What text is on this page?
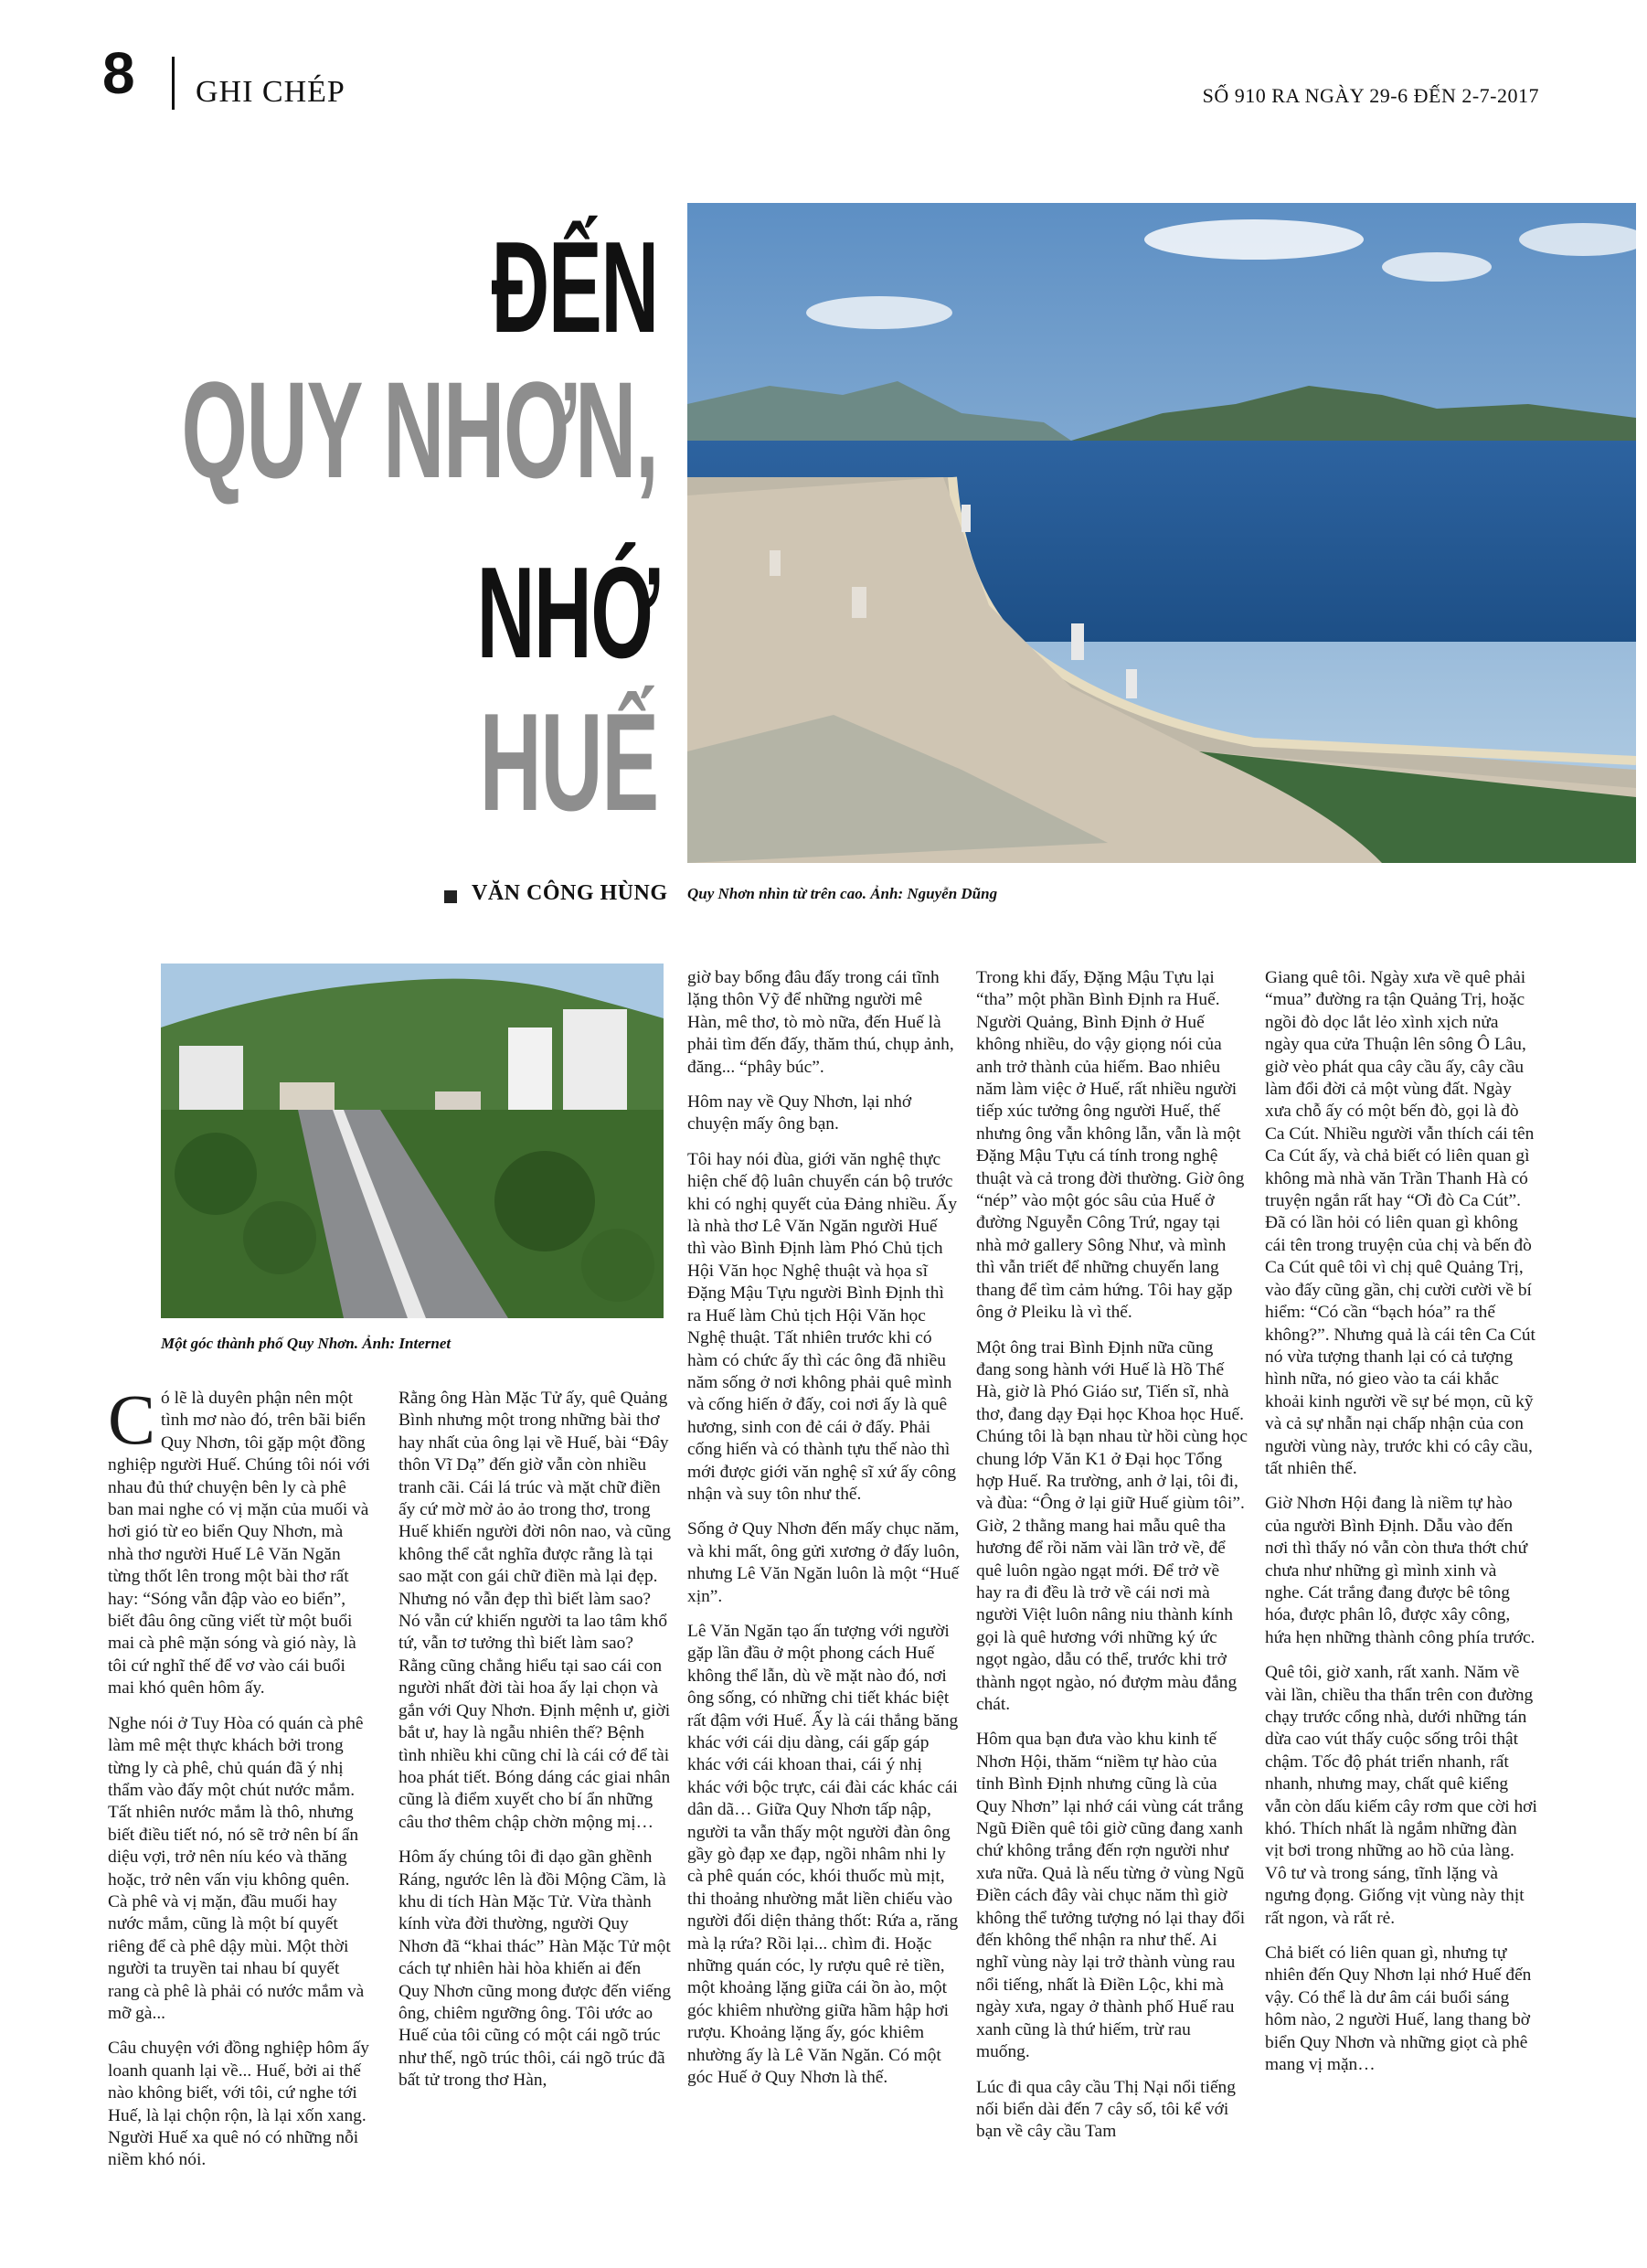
8 GHI CHÉP	SỐ 910 RA NGÀY 29-6 ĐẾN 2-7-2017
ĐẾN
QUY NHƠN,
NHỚ
HUẾ
VĂN CÔNG HÙNG Quy Nhơn nhìn từ trên cao. Ảnh: Nguyễn Dũng
Một góc thành phố Quy Nhơn. Ảnh: Internet

Có lẽ là duyên phận nên một tình mơ nào đó, trên bãi biển Quy Nhơn, tôi gặp một đồng nghiệp người Huế. Chúng tôi nói với nhau đủ thứ chuyện bên ly cà phê ban mai nghe có vị mặn của muối và hơi gió từ eo biển Quy Nhơn, mà nhà thơ người Huế Lê Văn Ngăn từng thốt lên trong một bài thơ rất hay: “Sóng vẫn đập vào eo biển”, biết đâu ông cũng viết từ một buổi mai cà phê mặn sóng và gió này, là tôi cứ nghĩ thế để vơ vào cái buổi mai khó quên hôm ấy.

Nghe nói ở Tuy Hòa có quán cà phê làm mê mệt thực khách bởi trong từng ly cà phê, chủ quán đã ý nhị thẩm vào đấy một chút nước mắm. Tất nhiên nước mắm là thô, nhưng biết điều tiết nó, nó sẽ trở nên bí ẩn diệu vợi, trở nên níu kéo và thăng hoặc, trở nên vấn vịu không quên. Cà phê và vị mặn, đầu muối hay nước mắm, cũng là một bí quyết riêng để cà phê dậy mùi. Một thời người ta truyền tai nhau bí quyết rang cà phê là phải có nước mắm và mỡ gà...

Câu chuyện với đồng nghiệp hôm ấy loanh quanh lại về... Huế, bởi ai thế nào không biết, với tôi, cứ nghe tới Huế, là lại chộn rộn, là lại xốn xang. Người Huế xa quê nó có những nỗi niềm khó nói.

Rằng ông Hàn Mặc Tử ấy, quê Quảng Bình nhưng một trong những bài thơ hay nhất của ông lại về Huế, bài “Đây thôn Vĩ Dạ” đến giờ vẫn còn nhiều tranh cãi. Cái lá trúc và mặt chữ điền ấy cứ mờ mờ ảo ảo trong thơ, trong Huế khiến người đời nôn nao, và cũng không thể cắt nghĩa được rằng là tại sao mặt con gái chữ điền mà lại đẹp. Nhưng nó vẫn đẹp thì biết làm sao? Nó vẫn cứ khiến người ta lao tâm khổ tứ, vẫn tơ tưởng thì biết làm sao? Rằng cũng chẳng hiểu tại sao cái con người nhất đời tài hoa ấy lại chọn và gắn với Quy Nhơn. Định mệnh ư, giời bắt ư, hay là ngẫu nhiên thế? Bệnh tình nhiều khi cũng chỉ là cái cớ để tài hoa phát tiết. Bóng dáng các giai nhân cũng là điểm xuyết cho bí ẩn những câu thơ thêm chập chờn mộng mị…

Hôm ấy chúng tôi đi dạo gần ghềnh Ráng, ngước lên là đồi Mộng Cầm, là khu di tích Hàn Mặc Tử. Vừa thành kính vừa đời thường, người Quy Nhơn đã “khai thác” Hàn Mặc Tử một cách tự nhiên hài hòa khiến ai đến Quy Nhơn cũng mong được đến viếng ông, chiêm ngưỡng ông. Tôi ước ao Huế của tôi cũng có một cái ngõ trúc như thế, ngõ trúc thôi, cái ngõ trúc đã bất tử trong thơ Hàn,

giờ bay bổng đâu đấy trong cái tĩnh lặng thôn Vỹ để những người mê Hàn, mê thơ, tò mò nữa, đến Huế là phải tìm đến đấy, thăm thú, chụp ảnh, đăng... “phây búc”.

Hôm nay về Quy Nhơn, lại nhớ chuyện mấy ông bạn.

Tôi hay nói đùa, giới văn nghệ thực hiện chế độ luân chuyển cán bộ trước khi có nghị quyết của Đảng nhiều. Ấy là nhà thơ Lê Văn Ngăn người Huế thì vào Bình Định làm Phó Chủ tịch Hội Văn học Nghệ thuật và họa sĩ Đặng Mậu Tựu người Bình Định thì ra Huế làm Chủ tịch Hội Văn học Nghệ thuật. Tất nhiên trước khi có hàm có chức ấy thì các ông đã nhiều năm sống ở nơi không phải quê mình và cống hiến ở đấy, coi nơi ấy là quê hương, sinh con đẻ cái ở đấy. Phải cống hiến và có thành tựu thế nào thì mới được giới văn nghệ sĩ xứ ấy công nhận và suy tôn như thế.

Sống ở Quy Nhơn đến mấy chục năm, và khi mất, ông gửi xương ở đấy luôn, nhưng Lê Văn Ngăn luôn là một “Huế xịn”.

Lê Văn Ngăn tạo ấn tượng với người gặp lần đầu ở một phong cách Huế không thể lẫn, dù về mặt nào đó, nơi ông sống, có những chi tiết khác biệt rất đậm với Huế. Ấy là cái thắng băng khác với cái dịu dàng, cái gấp gáp khác với cái khoan thai, cái ý nhị khác với bộc trực, cái đài các khác cái dân dã… Giữa Quy Nhơn tấp nập, người ta vẫn thấy một người đàn ông gầy gò đạp xe đạp, ngồi nhâm nhi ly cà phê quán cóc, khói thuốc mù mịt, thi thoảng nhường mắt liền chiếu vào người đối diện thảng thốt: Rứa a, răng mà lạ rứa? Rồi lại... chìm đi. Hoặc những quán cóc, ly rượu quê rẻ tiền, một khoảng lặng giữa cái ồn ào, một góc khiêm nhường giữa hầm hập hơi rượu. Khoảng lặng ấy, góc khiêm nhường ấy là Lê Văn Ngăn. Có một góc Huế ở Quy Nhơn là thế.

Trong khi đấy, Đặng Mậu Tựu lại “tha” một phần Bình Định ra Huế. Người Quảng, Bình Định ở Huế không nhiều, do vậy giọng nói của anh trở thành của hiếm. Bao nhiêu năm làm việc ở Huế, rất nhiều người tiếp xúc tưởng ông người Huế, thế nhưng ông vẫn không lẫn, vẫn là một Đặng Mậu Tựu cá tính trong nghệ thuật và cả trong đời thường. Giờ ông “nép” vào một góc sâu của Huế ở đường Nguyễn Công Trứ, ngay tại nhà mở gallery Sông Như, và mình thì vẫn triết để những chuyến lang thang để tìm cảm hứng. Tôi hay gặp ông ở Pleiku là vì thế.

Một ông trai Bình Định nữa cũng đang song hành với Huế là Hồ Thế Hà, giờ là Phó Giáo sư, Tiến sĩ, nhà thơ, đang dạy Đại học Khoa học Huế. Chúng tôi là bạn nhau từ hồi cùng học chung lớp Văn K1 ở Đại học Tổng hợp Huế. Ra trường, anh ở lại, tôi đi, và đùa: “Ông ở lại giữ Huế giùm tôi”. Giờ, 2 thằng mang hai mẫu quê tha hương để rồi năm vài lần trở về, để quê luôn ngào ngạt mới. Để trở về hay ra đi đều là trở về cái nơi mà người Việt luôn nâng niu thành kính gọi là quê hương với những ký ức ngọt ngào, dẫu có thể, trước khi trở thành ngọt ngào, nó đượm màu đắng chát.

Hôm qua bạn đưa vào khu kinh tế Nhơn Hội, thăm “niềm tự hào của tỉnh Bình Định nhưng cũng là của Quy Nhơn” lại nhớ cái vùng cát trắng Ngũ Điền quê tôi giờ cũng đang xanh chứ không trắng đến rợn người như xưa nữa. Quả là nếu từng ở vùng Ngũ Điền cách đây vài chục năm thì giờ không thể tưởng tượng nó lại thay đổi đến không thể nhận ra như thế. Ai nghĩ vùng này lại trở thành vùng rau nổi tiếng, nhất là Điền Lộc, khi mà ngày xưa, ngay ở thành phố Huế rau xanh cũng là thứ hiếm, trừ rau muống.

Lúc đi qua cây cầu Thị Nại nổi tiếng nối biển dài đến 7 cây số, tôi kể với bạn về cây cầu Tam

Giang quê tôi. Ngày xưa về quê phải “mua” đường ra tận Quảng Trị, hoặc ngồi đò dọc lắt lẻo xình xịch nửa ngày qua cửa Thuận lên sông Ô Lâu, giờ vèo phát qua cây cầu ấy, cây cầu làm đổi đời cả một vùng đất. Ngày xưa chỗ ấy có một bến đò, gọi là đò Ca Cút. Nhiều người vẫn thích cái tên Ca Cút ấy, và chả biết có liên quan gì không mà nhà văn Trần Thanh Hà có truyện ngắn rất hay “Ơi đò Ca Cút”. Đã có lần hỏi có liên quan gì không cái tên trong truyện của chị và bến đò Ca Cút quê tôi vì chị quê Quảng Trị, vào đấy cũng gần, chị cười cười về bí hiểm: “Có cần “bạch hóa” ra thế không?”. Nhưng quả là cái tên Ca Cút nó vừa tượng thanh lại có cả tượng hình nữa, nó gieo vào ta cái khắc khoải kinh người về sự bé mọn, cũ kỹ và cả sự nhẫn nại chấp nhận của con người vùng này, trước khi có cây cầu, tất nhiên thế.

Giờ Nhơn Hội đang là niềm tự hào của người Bình Định. Dẫu vào đến nơi thì thấy nó vẫn còn thưa thớt chứ chưa như những gì mình xinh và nghe. Cát trắng đang được bê tông hóa, được phân lô, được xây công, hứa hẹn những thành công phía trước.

Quê tôi, giờ xanh, rất xanh. Năm về vài lần, chiều tha thẩn trên con đường chạy trước cổng nhà, dưới những tán dừa cao vút thấy cuộc sống trôi thật chậm. Tốc độ phát triển nhanh, rất nhanh, nhưng may, chất quê kiểng vẫn còn dấu kiếm cây rơm que cời hơi khó. Thích nhất là ngắm những đàn vịt bơi trong những ao hồ của làng. Vô tư và trong sáng, tĩnh lặng và ngưng đọng. Giống vịt vùng này thịt rất ngon, và rất rẻ.

Chả biết có liên quan gì, nhưng tự nhiên đến Quy Nhơn lại nhớ Huế đến vậy. Có thể là dư âm cái buổi sáng hôm nào, 2 người Huế, lang thang bờ biển Quy Nhơn và những giọt cà phê mang vị mặn…
